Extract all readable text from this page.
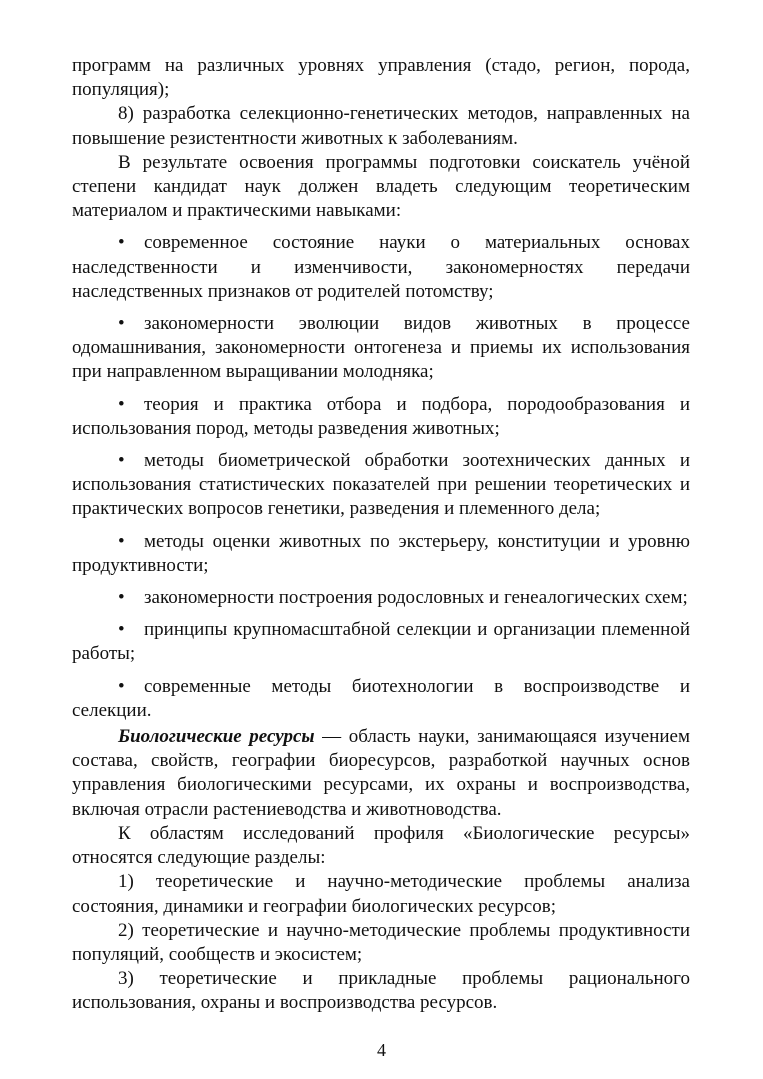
программ на различных уровнях управления (стадо, регион, порода, популяция);

8) разработка селекционно-генетических методов, направленных на повышение резистентности животных к заболеваниям.

В результате освоения программы подготовки соискатель учёной степени кандидат наук должен владеть следующим теоретическим материалом и практическими навыками:

• современное состояние науки о материальных основах наследственности и изменчивости, закономерностях передачи наследственных признаков от родителей потомству;

• закономерности эволюции видов животных в процессе одомашнивания, закономерности онтогенеза и приемы их использования при направленном выращивании молодняка;

• теория и практика отбора и подбора, породообразования и использования пород, методы разведения животных;

• методы биометрической обработки зоотехнических данных и использования статистических показателей при решении теоретических и практических вопросов генетики, разведения и племенного дела;

• методы оценки животных по экстерьеру, конституции и уровню продуктивности;

• закономерности построения родословных и генеалогических схем;

• принципы крупномасштабной селекции и организации племенной работы;

• современные методы биотехнологии в воспроизводстве и селекции.

Биологические ресурсы — область науки, занимающаяся изучением состава, свойств, географии биоресурсов, разработкой научных основ управления биологическими ресурсами, их охраны и воспроизводства, включая отрасли растениеводства и животноводства.

К областям исследований профиля «Биологические ресурсы» относятся следующие разделы:

1) теоретические и научно-методические проблемы анализа состояния, динамики и географии биологических ресурсов;

2) теоретические и научно-методические проблемы продуктивности популяций, сообществ и экосистем;

3) теоретические и прикладные проблемы рационального использования, охраны и воспроизводства ресурсов.

4
